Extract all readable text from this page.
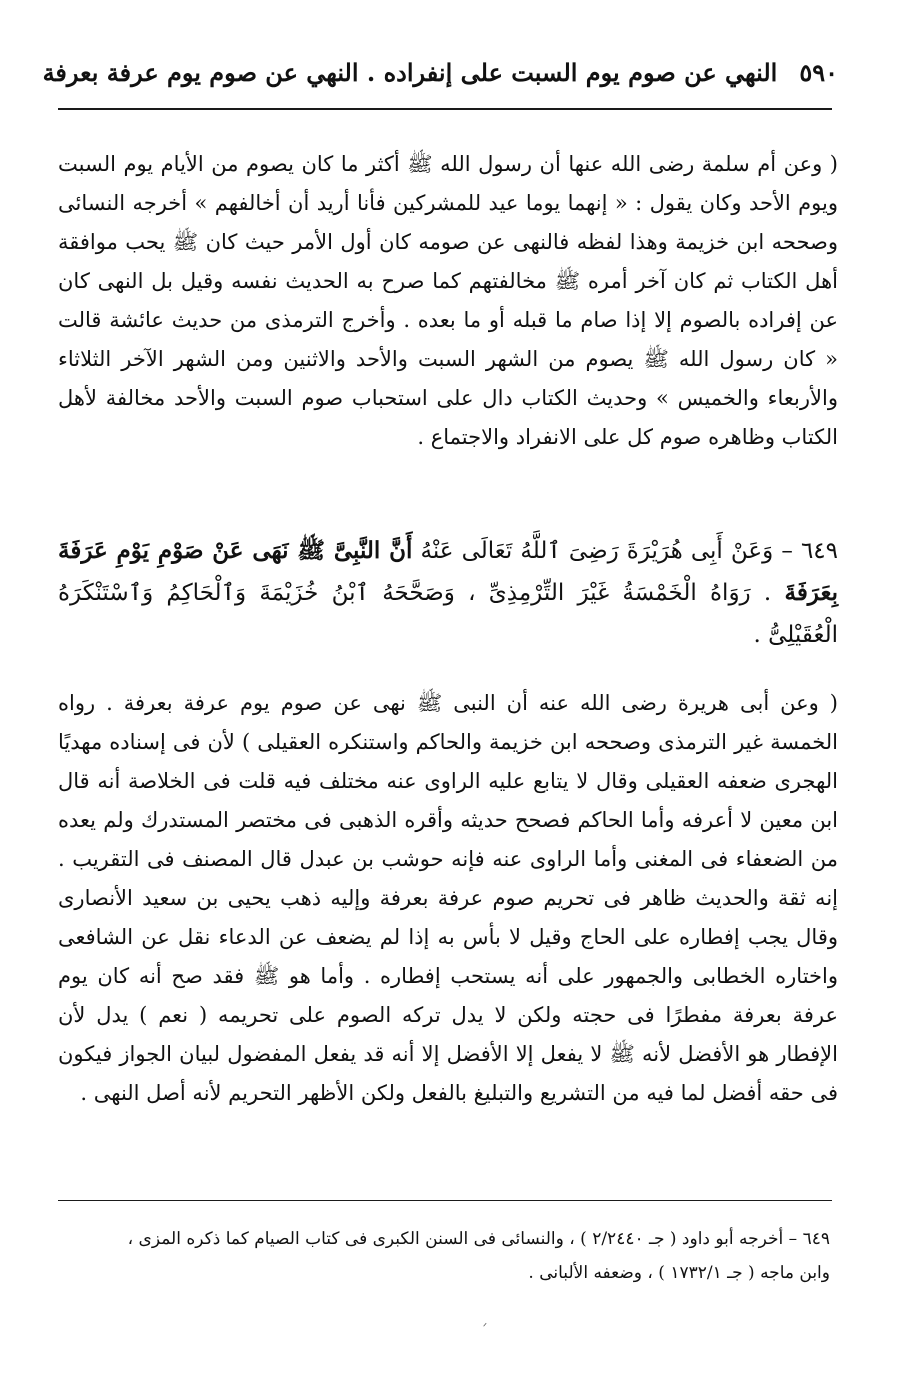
٥٩٠
النهي عن صوم يوم السبت على إنفراده . النهي عن صوم يوم عرفة بعرفة
( وعن أم سلمة رضى الله عنها أن رسول الله ﷺ أكثر ما كان يصوم من الأيام يوم السبت ويوم الأحد وكان يقول : « إنهما يوما عيد للمشركين فأنا أريد أن أخالفهم » أخرجه النسائى وصححه ابن خزيمة وهذا لفظه فالنهى عن صومه كان أول الأمر حيث كان ﷺ يحب موافقة أهل الكتاب ثم كان آخر أمره ﷺ مخالفتهم كما صرح به الحديث نفسه وقيل بل النهى كان عن إفراده بالصوم إلا إذا صام ما قبله أو ما بعده . وأخرج الترمذى من حديث عائشة قالت « كان رسول الله ﷺ يصوم من الشهر السبت والأحد والاثنين ومن الشهر الآخر الثلاثاء والأربعاء والخميس » وحديث الكتاب دال على استحباب صوم السبت والأحد مخالفة لأهل الكتاب وظاهره صوم كل على الانفراد والاجتماع .
٦٤٩ – وَعَنْ أَبِى هُرَيْرَةَ رَضِىَ ٱللَّهُ تَعَالَى عَنْهُ أَنَّ النَّبِىَّ ﷺ نَهَى عَنْ صَوْمِ يَوْمِ عَرَفَةَ بِعَرَفَةَ . رَوَاهُ الْخَمْسَةُ غَيْرَ التِّرْمِذِىِّ ، وَصَحَّحَهُ ٱبْنُ خُزَيْمَةَ وَٱلْحَاكِمُ وَٱسْتَنْكَرَهُ الْعُقَيْلِىُّ .
( وعن أبى هريرة رضى الله عنه أن النبى ﷺ نهى عن صوم يوم عرفة بعرفة . رواه الخمسة غير الترمذى وصححه ابن خزيمة والحاكم واستنكره العقيلى ) لأن فى إسناده مهديًا الهجرى ضعفه العقيلى وقال لا يتابع عليه الراوى عنه مختلف فيه قلت فى الخلاصة أنه قال ابن معين لا أعرفه وأما الحاكم فصحح حديثه وأقره الذهبى فى مختصر المستدرك ولم يعده من الضعفاء فى المغنى وأما الراوى عنه فإنه حوشب بن عبدل قال المصنف فى التقريب . إنه ثقة والحديث ظاهر فى تحريم صوم عرفة بعرفة وإليه ذهب يحيى بن سعيد الأنصارى وقال يجب إفطاره على الحاج وقيل لا بأس به إذا لم يضعف عن الدعاء نقل عن الشافعى واختاره الخطابى والجمهور على أنه يستحب إفطاره . وأما هو ﷺ فقد صح أنه كان يوم عرفة بعرفة مفطرًا فى حجته ولكن لا يدل تركه الصوم على تحريمه ( نعم ) يدل لأن الإفطار هو الأفضل لأنه ﷺ لا يفعل إلا الأفضل إلا أنه قد يفعل المفضول لبيان الجواز فيكون فى حقه أفضل لما فيه من التشريع والتبليغ بالفعل ولكن الأظهر التحريم لأنه أصل النهى .
٦٤٩ – أخرجه أبو داود ( جـ ٢/٢٤٤٠ ) ، والنسائى فى السنن الكبرى فى كتاب الصيام كما ذكره المزى ،
وابن ماجه ( جـ ١٧٣٢/١ ) ، وضعفه الألبانى .
ᐟ
